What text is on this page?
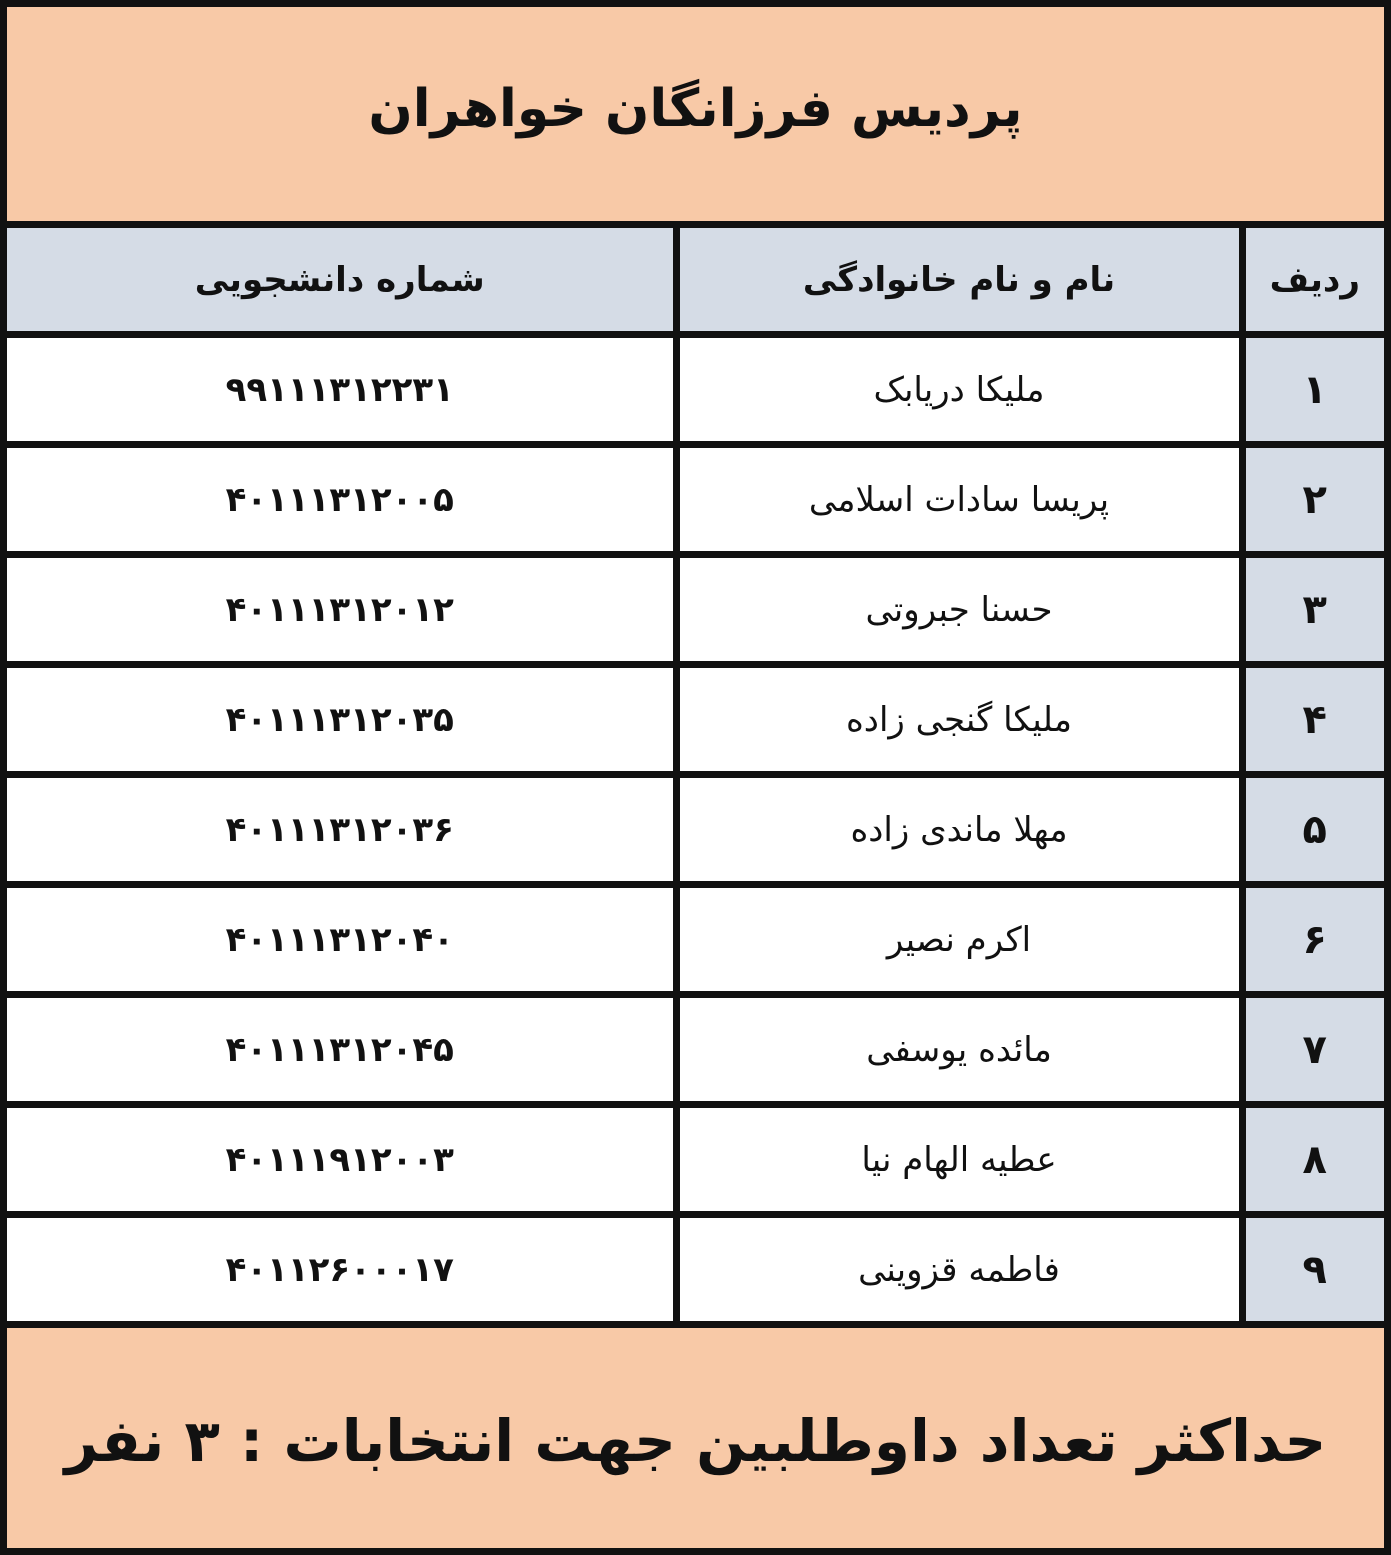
پردیس فرزانگان خواهران
ردیف	نام و نام خانوادگی	شماره دانشجویی
۱	ملیکا دریابک	۹۹۱۱۱۳۱۲۲۳۱
۲	پریسا سادات اسلامی	۴۰۱۱۱۳۱۲۰۰۵
۳	حسنا جبروتی	۴۰۱۱۱۳۱۲۰۱۲
۴	ملیکا گنجی زاده	۴۰۱۱۱۳۱۲۰۳۵
۵	مهلا ماندی زاده	۴۰۱۱۱۳۱۲۰۳۶
۶	اکرم نصیر	۴۰۱۱۱۳۱۲۰۴۰
۷	مائده یوسفی	۴۰۱۱۱۳۱۲۰۴۵
۸	عطیه الهام نیا	۴۰۱۱۱۹۱۲۰۰۳
۹	فاطمه قزوینی	۴۰۱۱۲۶۰۰۰۱۷
حداکثر تعداد داوطلبین جهت انتخابات : ۳ نفر
